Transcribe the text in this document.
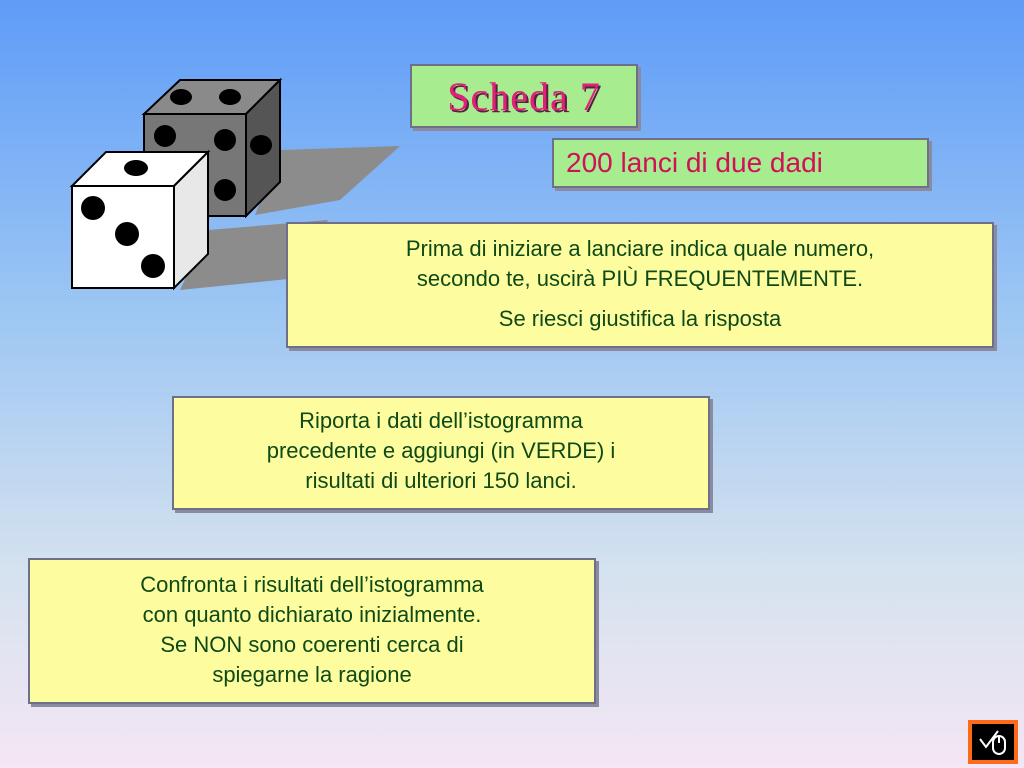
Scheda 7
200 lanci di due dadi

Prima di iniziare a lanciare indica quale numero,

secondo te, uscirà PIÙ FREQUENTEMENTE.

Se riesci giustifica la risposta

Riporta i dati dell’istogramma
precedente e aggiungi (in VERDE) i
risultati di ulteriori 150 lanci.
Confronta i risultati dell’istogramma
con quanto dichiarato inizialmente.
Se NON sono coerenti cerca di
spiegarne la ragione
